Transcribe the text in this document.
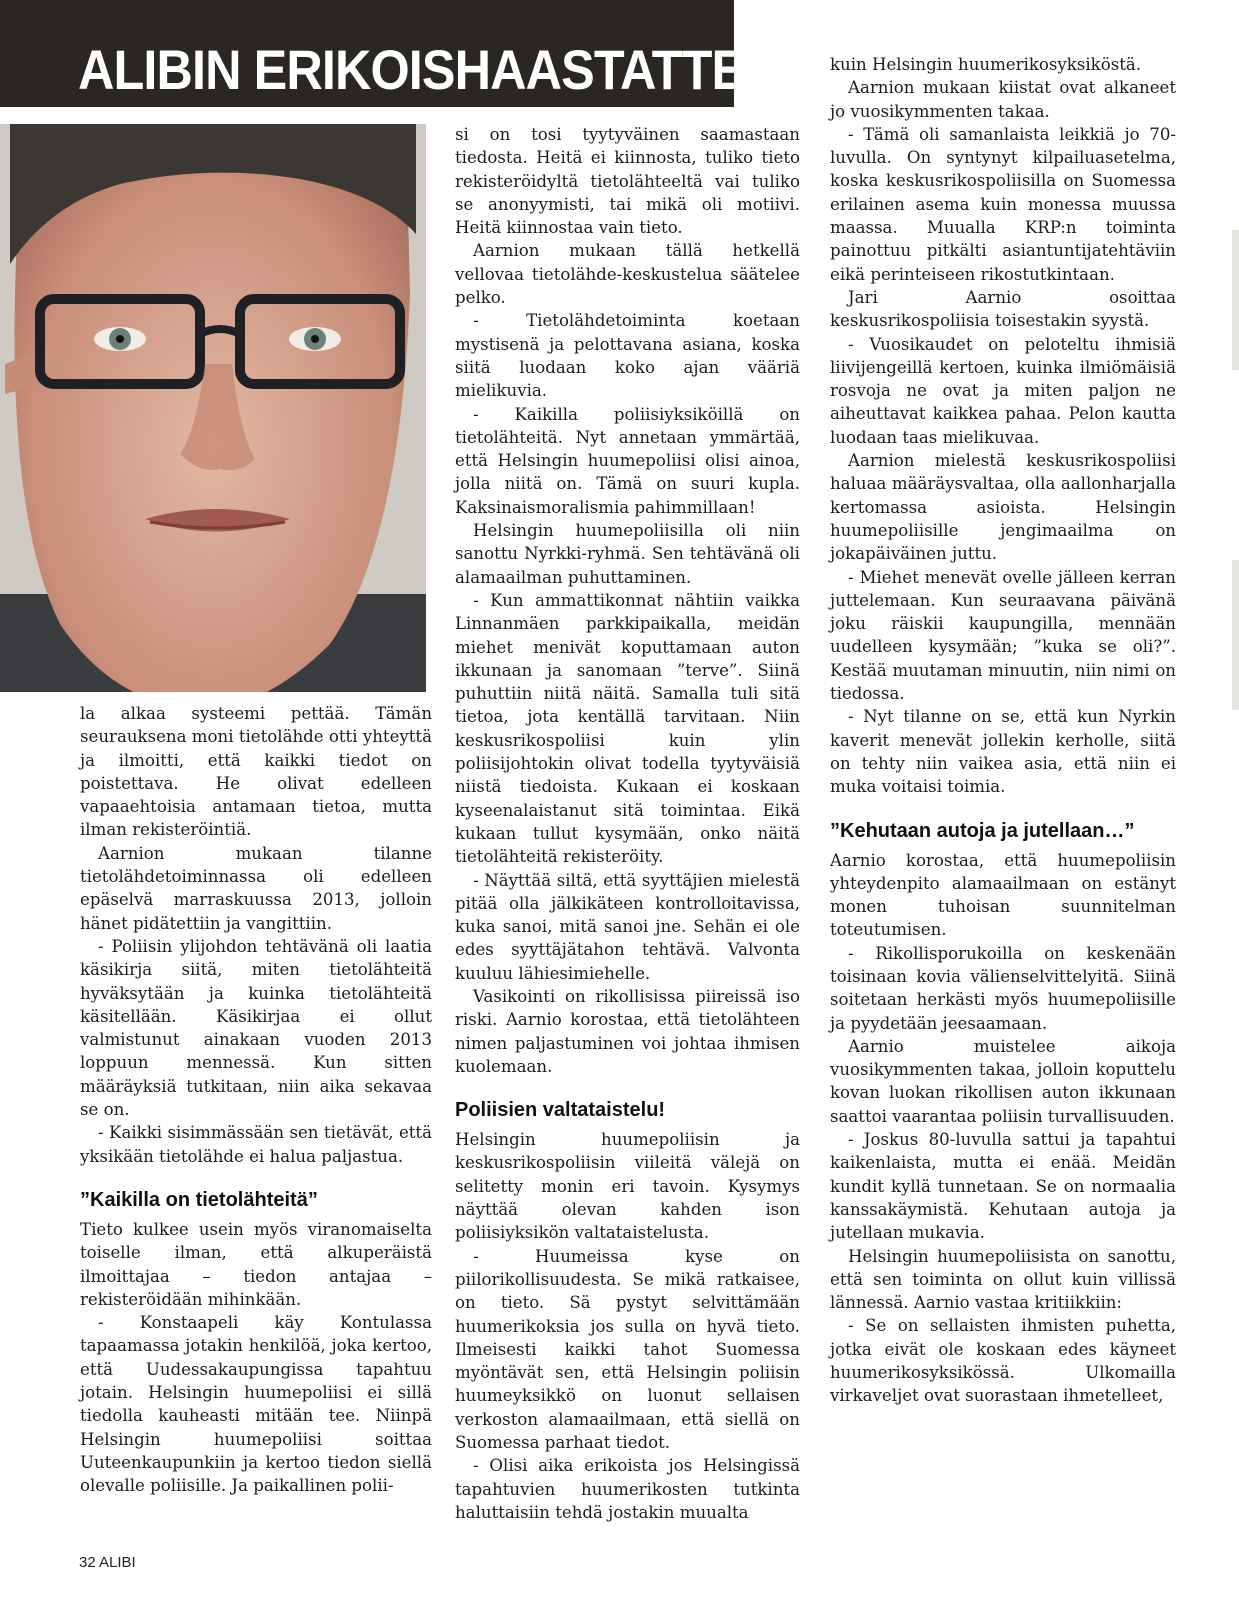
ALIBIN ERIKOISHAASTATTELU

la alkaa systeemi pettää. Tämän seurauksena moni tietolähde otti yhteyttä ja ilmoitti, että kaikki tiedot on poistettava. He olivat edelleen vapaaehtoisia antamaan tietoa, mutta ilman rekisteröintiä.

Aarnion mukaan tilanne tietolähdetoiminnassa oli edelleen epäselvä marraskuussa 2013, jolloin hänet pidätettiin ja vangittiin.

- Poliisin ylijohdon tehtävänä oli laatia käsikirja siitä, miten tietolähteitä hyväksytään ja kuinka tietolähteitä käsitellään. Käsikirjaa ei ollut valmistunut ainakaan vuoden 2013 loppuun mennessä. Kun sitten määräyksiä tutkitaan, niin aika sekavaa se on.

- Kaikki sisimmässään sen tietävät, että yksikään tietolähde ei halua paljastua.

”Kaikilla on tietolähteitä”

Tieto kulkee usein myös viranomaiselta toiselle ilman, että alkuperäistä ilmoittajaa – tiedon antajaa – rekisteröidään mihinkään.

- Konstaapeli käy Kontulassa tapaamassa jotakin henkilöä, joka kertoo, että Uudessakaupungissa tapahtuu jotain. Helsingin huumepoliisi ei sillä tiedolla kauheasti mitään tee. Niinpä Helsingin huumepoliisi soittaa Uuteenkaupunkiin ja kertoo tiedon siellä olevalle poliisille. Ja paikallinen polii-

si on tosi tyytyväinen saamastaan tiedosta. Heitä ei kiinnosta, tuliko tieto rekisteröidyltä tietolähteeltä vai tuliko se anonyymisti, tai mikä oli motiivi. Heitä kiinnostaa vain tieto.

Aarnion mukaan tällä hetkellä vellovaa tietolähde-keskustelua säätelee pelko.

- Tietolähdetoiminta koetaan mystisenä ja pelottavana asiana, koska siitä luodaan koko ajan vääriä mielikuvia.

- Kaikilla poliisiyksiköillä on tietolähteitä. Nyt annetaan ymmärtää, että Helsingin huumepoliisi olisi ainoa, jolla niitä on. Tämä on suuri kupla. Kaksinaismoralismia pahimmillaan!

Helsingin huumepoliisilla oli niin sanottu Nyrkki-ryhmä. Sen tehtävänä oli alamaailman puhuttaminen.

- Kun ammattikonnat nähtiin vaikka Linnanmäen parkkipaikalla, meidän miehet menivät koputtamaan auton ikkunaan ja sanomaan ”terve”. Siinä puhuttiin niitä näitä. Samalla tuli sitä tietoa, jota kentällä tarvitaan. Niin keskusrikospoliisi kuin ylin poliisijohtokin olivat todella tyytyväisiä niistä tiedoista. Kukaan ei koskaan kyseenalaistanut sitä toimintaa. Eikä kukaan tullut kysymään, onko näitä tietolähteitä rekisteröity.

- Näyttää siltä, että syyttäjien mielestä pitää olla jälkikäteen kontrolloitavissa, kuka sanoi, mitä sanoi jne. Sehän ei ole edes syyttäjätahon tehtävä. Valvonta kuuluu lähiesimiehelle.

Vasikointi on rikollisissa piireissä iso riski. Aarnio korostaa, että tietolähteen nimen paljastuminen voi johtaa ihmisen kuolemaan.

Poliisien valtataistelu!

Helsingin huumepoliisin ja keskusrikospoliisin viileitä välejä on selitetty monin eri tavoin. Kysymys näyttää olevan kahden ison poliisiyksikön valtataistelusta.

- Huumeissa kyse on piilorikollisuudesta. Se mikä ratkaisee, on tieto. Sä pystyt selvittämään huumerikoksia jos sulla on hyvä tieto. Ilmeisesti kaikki tahot Suomessa myöntävät sen, että Helsingin poliisin huumeyksikkö on luonut sellaisen verkoston alamaailmaan, että siellä on Suomessa parhaat tiedot.

- Olisi aika erikoista jos Helsingissä tapahtuvien huumerikosten tutkinta haluttaisiin tehdä jostakin muualta

kuin Helsingin huumerikosyksiköstä.

Aarnion mukaan kiistat ovat alkaneet jo vuosikymmenten takaa.

- Tämä oli samanlaista leikkiä jo 70-luvulla. On syntynyt kilpailuasetelma, koska keskusrikospoliisilla on Suomessa erilainen asema kuin monessa muussa maassa. Muualla KRP:n toiminta painottuu pitkälti asiantuntijatehtäviin eikä perinteiseen rikostutkintaan.

Jari Aarnio osoittaa keskusrikospoliisia toisestakin syystä.

- Vuosikaudet on peloteltu ihmisiä liivijengeillä kertoen, kuinka ilmiömäisiä rosvoja ne ovat ja miten paljon ne aiheuttavat kaikkea pahaa. Pelon kautta luodaan taas mielikuvaa.

Aarnion mielestä keskusrikospoliisi haluaa määräysvaltaa, olla aallonharjalla kertomassa asioista. Helsingin huumepoliisille jengimaailma on jokapäiväinen juttu.

- Miehet menevät ovelle jälleen kerran juttelemaan. Kun seuraavana päivänä joku räiskii kaupungilla, mennään uudelleen kysymään; ”kuka se oli?”. Kestää muutaman minuutin, niin nimi on tiedossa.

- Nyt tilanne on se, että kun Nyrkin kaverit menevät jollekin kerholle, siitä on tehty niin vaikea asia, että niin ei muka voitaisi toimia.

”Kehutaan autoja ja jutellaan…”

Aarnio korostaa, että huumepoliisin yhteydenpito alamaailmaan on estänyt monen tuhoisan suunnitelman toteutumisen.

- Rikollisporukoilla on keskenään toisinaan kovia välienselvittelyitä. Siinä soitetaan herkästi myös huumepoliisille ja pyydetään jeesaamaan.

Aarnio muistelee aikoja vuosikymmenten takaa, jolloin koputtelu kovan luokan rikollisen auton ikkunaan saattoi vaarantaa poliisin turvallisuuden.

- Joskus 80-luvulla sattui ja tapahtui kaikenlaista, mutta ei enää. Meidän kundit kyllä tunnetaan. Se on normaalia kanssakäymistä. Kehutaan autoja ja jutellaan mukavia.

Helsingin huumepoliisista on sanottu, että sen toiminta on ollut kuin villissä lännessä. Aarnio vastaa kritiikkiin:

- Se on sellaisten ihmisten puhetta, jotka eivät ole koskaan edes käyneet huumerikosyksikössä. Ulkomailla virkaveljet ovat suorastaan ihmetelleet,

32 ALIBI
